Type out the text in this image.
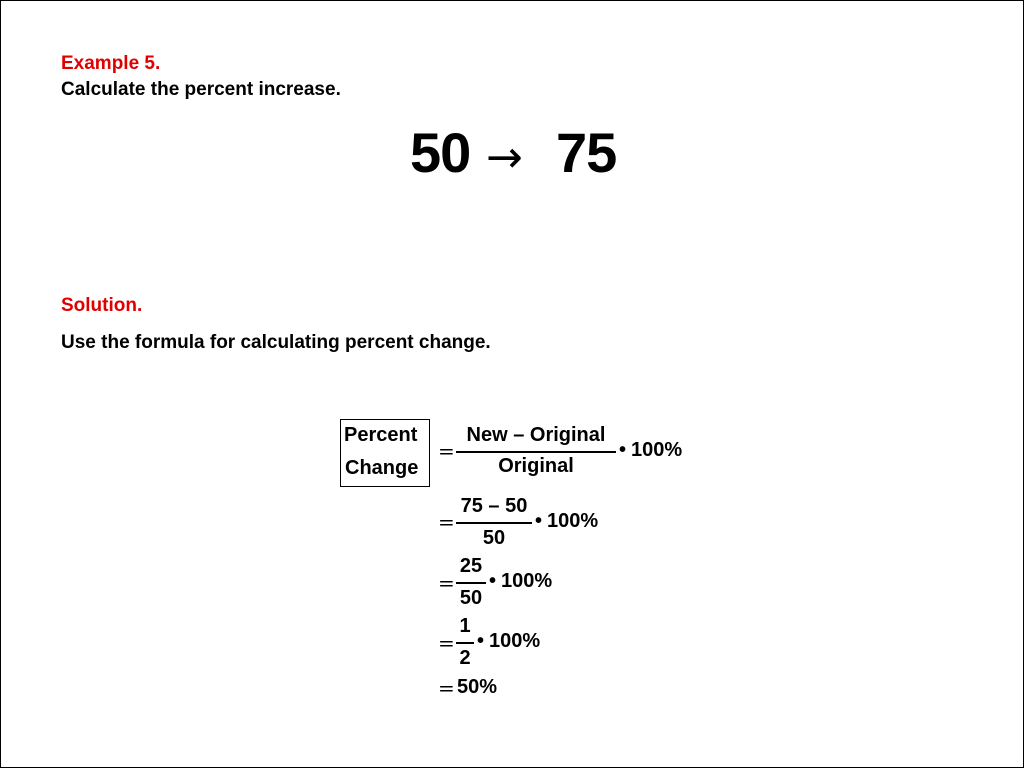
Example 5.
Calculate the percent increase.
50 → 75
Solution.
Use the formula for calculating percent change.
Percent
Change
=
New – Original
Original
• 100%
=
75 – 50
50
• 100%
=
25
50
• 100%
=
1
2
• 100%
= 50%
